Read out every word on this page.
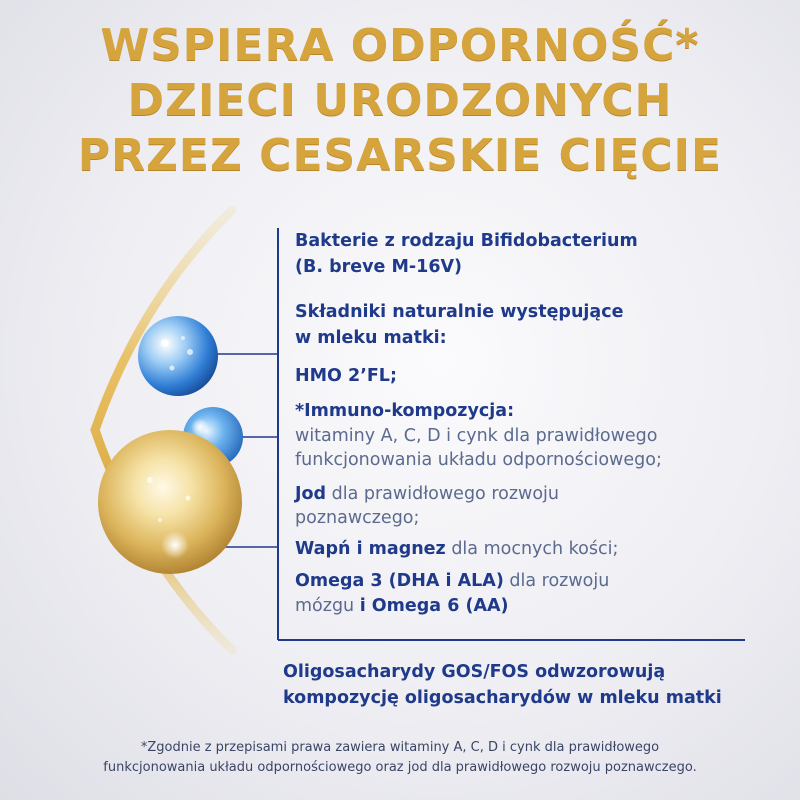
WSPIERA ODPORNOŚĆ*
DZIECI URODZONYCH
PRZEZ CESARSKIE CIĘCIE
Bakterie z rodzaju Bifidobacterium
(B. breve M-16V)
Składniki naturalnie występujące
w mleku matki:
HMO 2’FL;
*Immuno-kompozycja:
witaminy A, C, D i cynk dla prawidłowego
funkcjonowania układu odpornościowego;
Jod dla prawidłowego rozwoju
poznawczego;
Wapń i magnez dla mocnych kości;
Omega 3 (DHA i ALA) dla rozwoju
mózgu i Omega 6 (AA)
Oligosacharydy GOS/FOS odwzorowują
kompozycję oligosacharydów w mleku matki
*Zgodnie z przepisami prawa zawiera witaminy A, C, D i cynk dla prawidłowego
funkcjonowania układu odpornościowego oraz jod dla prawidłowego rozwoju poznawczego.
